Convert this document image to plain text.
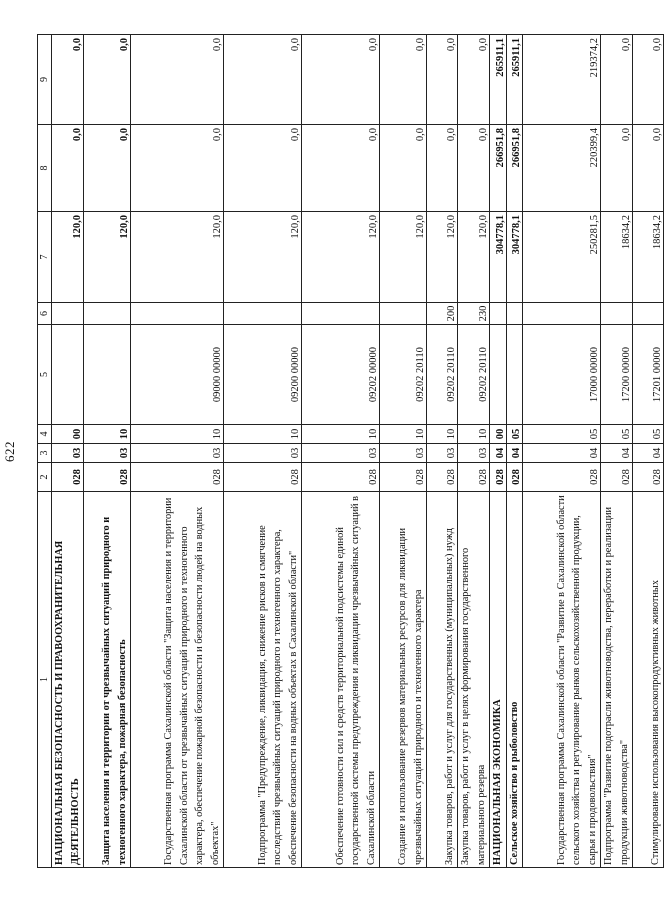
622
1	2	3	4	5	6	7	8	9
НАЦИОНАЛЬНАЯ БЕЗОПАСНОСТЬ И ПРАВООХРАНИТЕЛЬНАЯ ДЕЯТЕЛЬНОСТЬ	028	03	00			120,0	0,0	0,0
Защита населения и территории от чрезвычайных ситуаций природного и техногенного характера, пожарная безопасность	028	03	10			120,0	0,0	0,0
Государственная программа Сахалинской области "Защита населения и территории Сахалинской области от чрезвычайных ситуаций природного и техногенного характера, обеспечение пожарной безопасности и безопасности людей на водных объектах"	028	03	10	09000 00000		120,0	0,0	0,0
Подпрограмма "Предупреждение, ликвидация, снижение рисков и смягчение последствий чрезвычайных ситуаций природного и техногенного характера, обеспечение безопасности на водных объектах в Сахалинской области"	028	03	10	09200 00000		120,0	0,0	0,0
Обеспечение готовности сил и средств территориальной подсистемы единой государственной системы предупреждения и ликвидации чрезвычайных ситуаций в Сахалинской области	028	03	10	09202 00000		120,0	0,0	0,0
Создание и использование резервов материальных ресурсов для ликвидации чрезвычайных ситуаций природного и техногенного характера	028	03	10	09202 20110		120,0	0,0	0,0
Закупка товаров, работ и услуг для государственных (муниципальных) нужд	028	03	10	09202 20110	200	120,0	0,0	0,0
Закупка товаров, работ и услуг в целях формирования государственного материального резерва	028	03	10	09202 20110	230	120,0	0,0	0,0
НАЦИОНАЛЬНАЯ ЭКОНОМИКА	028	04	00			304778,1	266951,8	265911,1
Сельское хозяйство и рыболовство	028	04	05			304778,1	266951,8	265911,1
Государственная программа Сахалинской области "Развитие в Сахалинской области сельского хозяйства и регулирование рынков сельскохозяйственной продукции, сырья и продовольствия"	028	04	05	17000 00000		250281,5	220399,4	219374,2
Подпрограмма "Развитие подотрасли животноводства, переработки и реализации продукции животноводства"	028	04	05	17200 00000		18634,2	0,0	0,0
Стимулирование использования высокопродуктивных животных	028	04	05	17201 00000		18634,2	0,0	0,0
